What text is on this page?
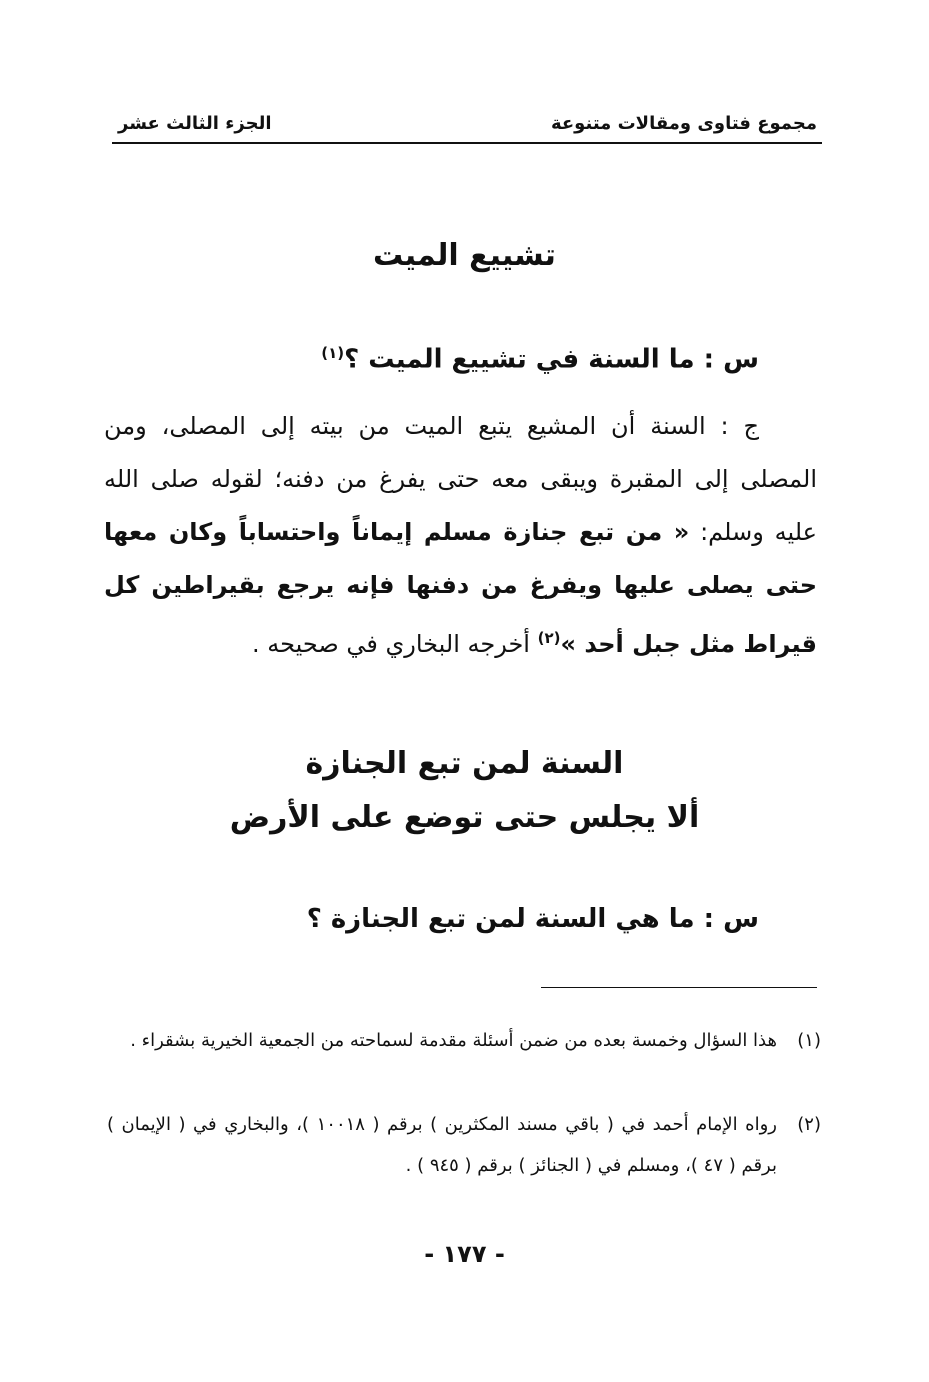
مجموع فتاوى ومقالات متنوعة
الجزء الثالث عشر
تشييع الميت
س : ما السنة في تشييع الميت ؟$^{(١)}$
ج : السنة أن المشيع يتبع الميت من بيته إلى المصلى، ومن المصلى إلى المقبرة ويبقى معه حتى يفرغ من دفنه؛ لقوله صلى الله عليه وسلم: « من تبع جنازة مسلم إيماناً واحتساباً وكان معها حتى يصلى عليها ويفرغ من دفنها فإنه يرجع بقيراطين كل قيراط مثل جبل أحد »$^{(٢)}$ أخرجه البخاري في صحيحه .
السنة لمن تبع الجنازة
ألا يجلس حتى توضع على الأرض
س : ما هي السنة لمن تبع الجنازة ؟
(١)
هذا السؤال وخمسة بعده من ضمن أسئلة مقدمة لسماحته من الجمعية الخيرية بشقراء .
(٢)
رواه الإمام أحمد في ( باقي مسند المكثرين ) برقم ( ١٠٠١٨ )، والبخاري في ( الإيمان ) برقم ( ٤٧ )، ومسلم في ( الجنائز ) برقم ( ٩٤٥ ) .
- ١٧٧ -
